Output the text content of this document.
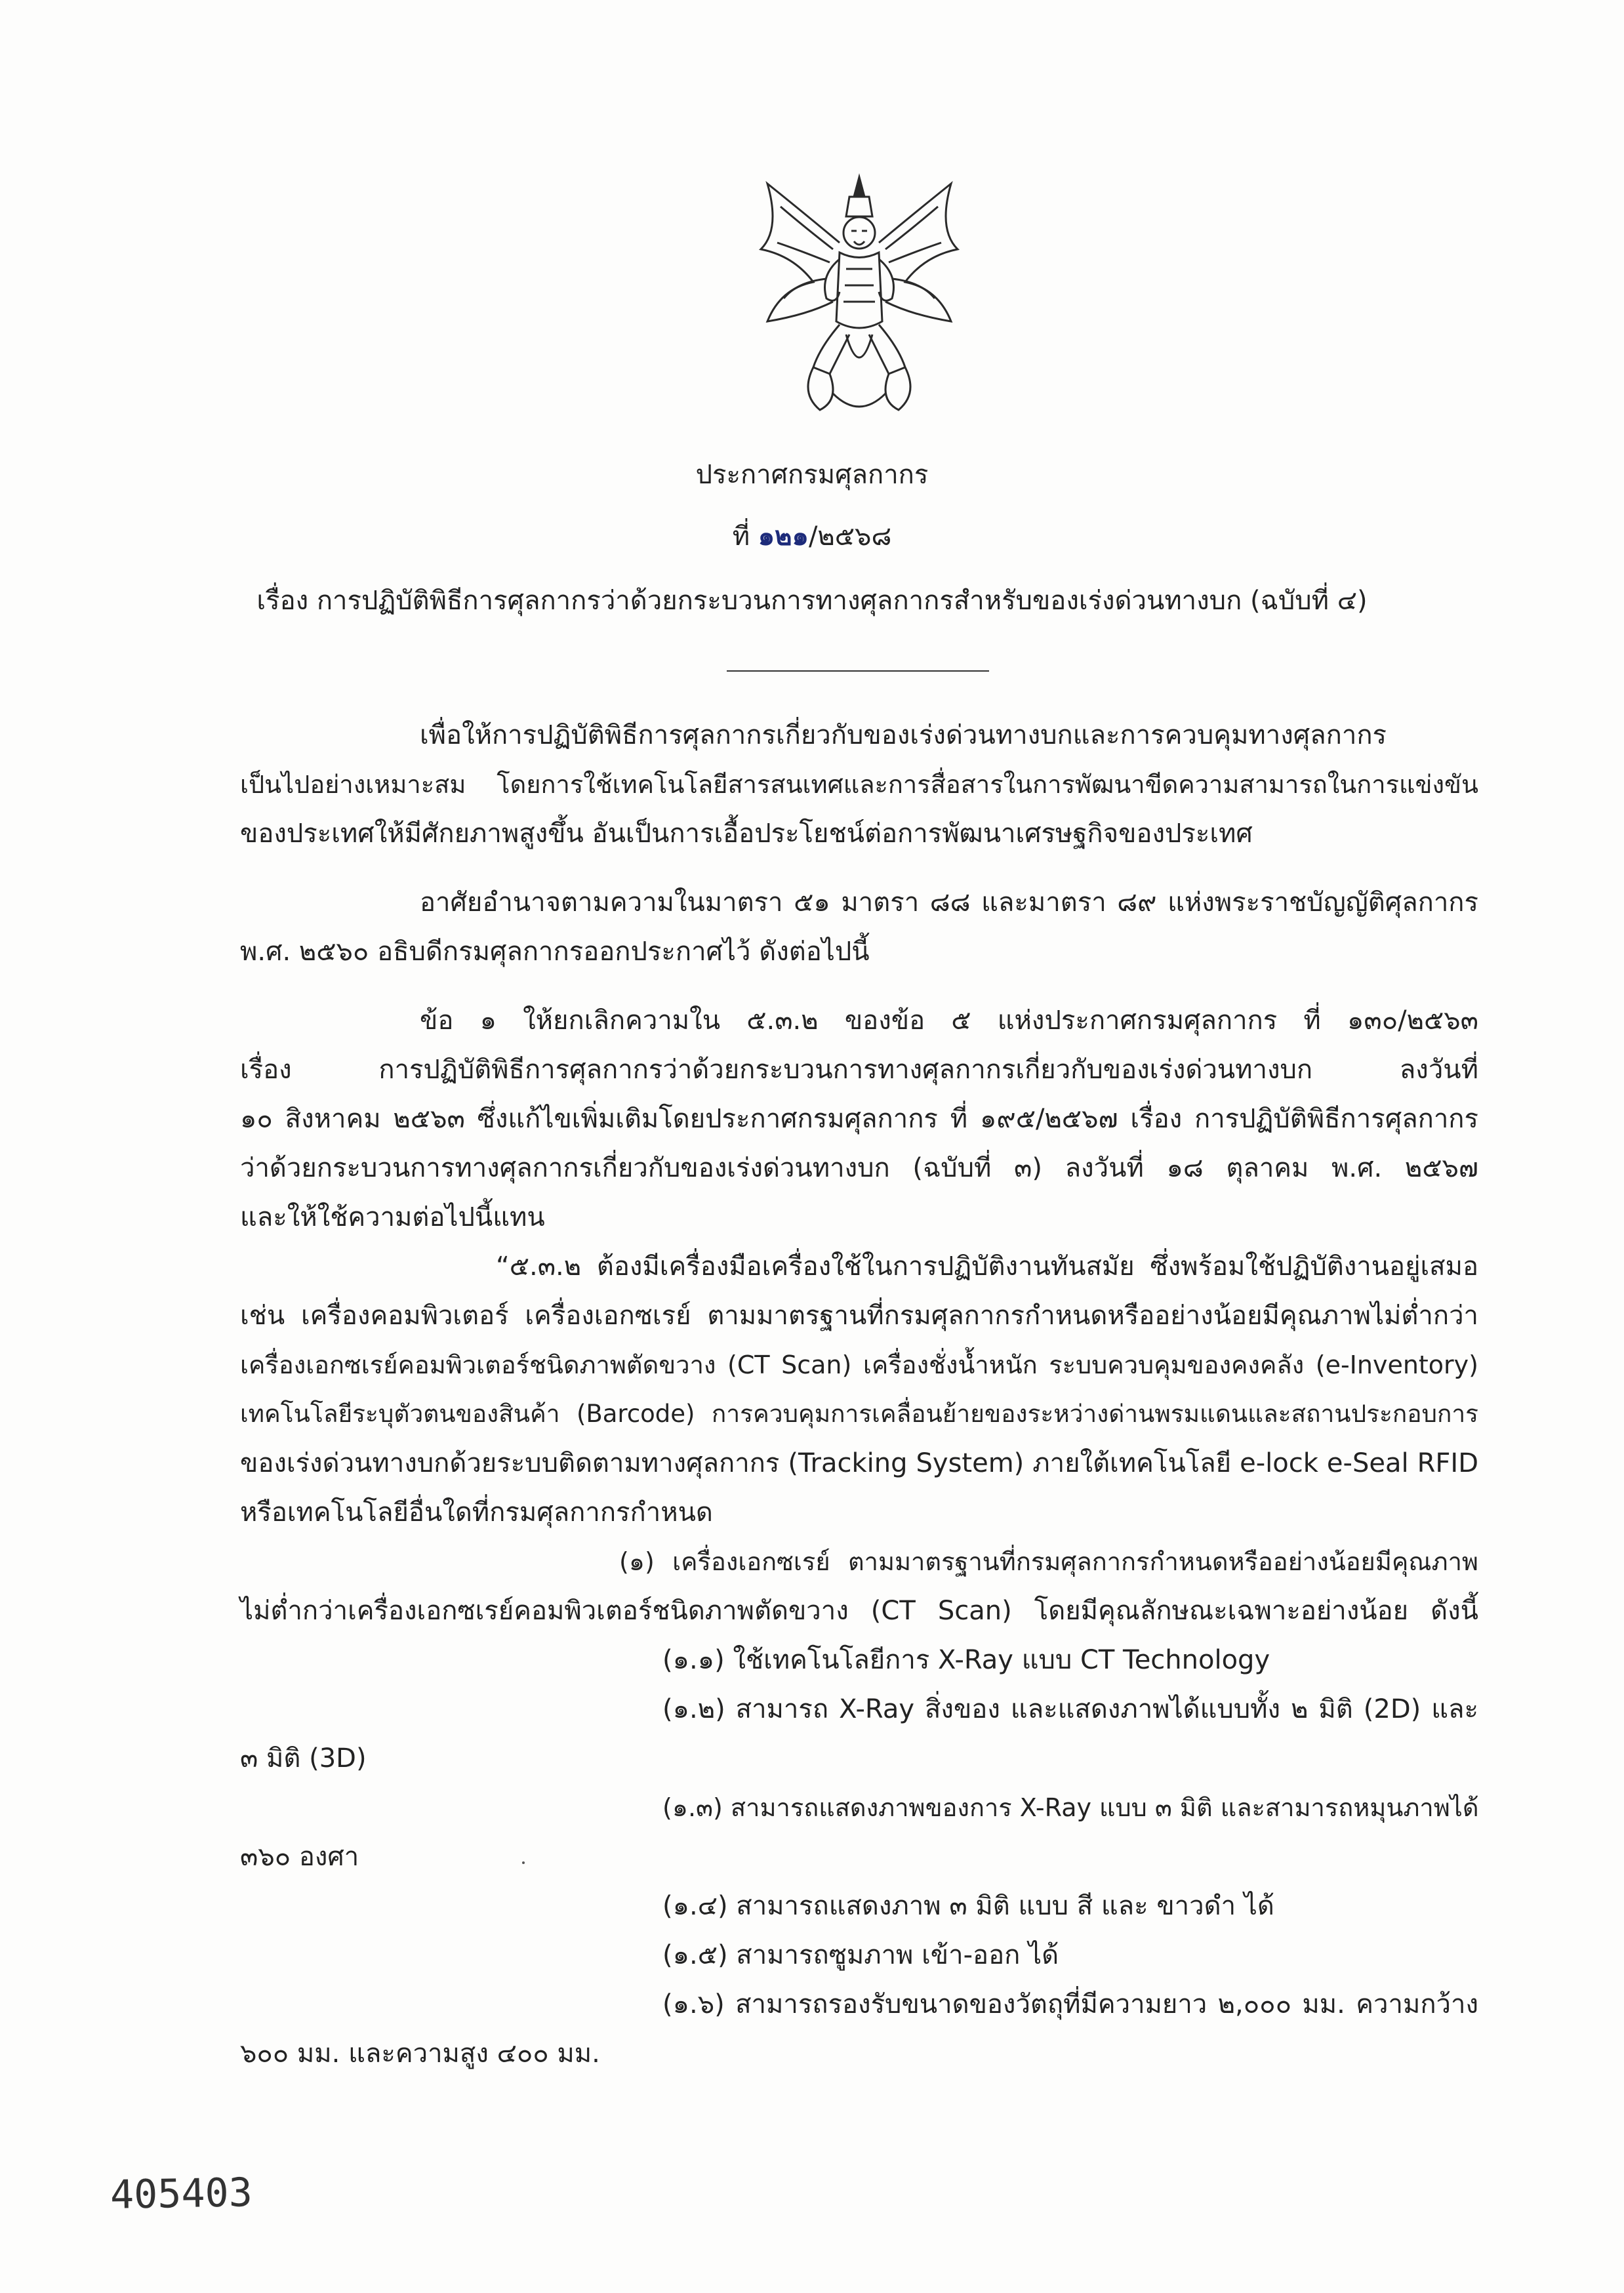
ประกาศกรมศุลกากร
ที่ ๑๒๑/๒๕๖๘
เรื่อง การปฏิบัติพิธีการศุลกากรว่าด้วยกระบวนการทางศุลกากรสำหรับของเร่งด่วนทางบก (ฉบับที่ ๔)
เพื่อให้การปฏิบัติพิธีการศุลกากรเกี่ยวกับของเร่งด่วนทางบกและการควบคุมทางศุลกากร
เป็นไปอย่างเหมาะสม โดยการใช้เทคโนโลยีสารสนเทศและการสื่อสารในการพัฒนาขีดความสามารถในการแข่งขัน
ของประเทศให้มีศักยภาพสูงขึ้น อันเป็นการเอื้อประโยชน์ต่อการพัฒนาเศรษฐกิจของประเทศ
อาศัยอำนาจตามความในมาตรา ๕๑ มาตรา ๘๘ และมาตรา ๘๙ แห่งพระราชบัญญัติศุลกากร
พ.ศ. ๒๕๖๐ อธิบดีกรมศุลกากรออกประกาศไว้ ดังต่อไปนี้
ข้อ ๑ ให้ยกเลิกความใน ๕.๓.๒ ของข้อ ๕ แห่งประกาศกรมศุลกากร ที่ ๑๓๐/๒๕๖๓
เรื่อง การปฏิบัติพิธีการศุลกากรว่าด้วยกระบวนการทางศุลกากรเกี่ยวกับของเร่งด่วนทางบก ลงวันที่
๑๐ สิงหาคม ๒๕๖๓ ซึ่งแก้ไขเพิ่มเติมโดยประกาศกรมศุลกากร ที่ ๑๙๕/๒๕๖๗ เรื่อง การปฏิบัติพิธีการศุลกากร
ว่าด้วยกระบวนการทางศุลกากรเกี่ยวกับของเร่งด่วนทางบก (ฉบับที่ ๓) ลงวันที่ ๑๘ ตุลาคม พ.ศ. ๒๕๖๗
และให้ใช้ความต่อไปนี้แทน
“๕.๓.๒ ต้องมีเครื่องมือเครื่องใช้ในการปฏิบัติงานทันสมัย ซึ่งพร้อมใช้ปฏิบัติงานอยู่เสมอ
เช่น เครื่องคอมพิวเตอร์ เครื่องเอกซเรย์ ตามมาตรฐานที่กรมศุลกากรกำหนดหรืออย่างน้อยมีคุณภาพไม่ต่ำกว่า
เครื่องเอกซเรย์คอมพิวเตอร์ชนิดภาพตัดขวาง (CT Scan) เครื่องชั่งน้ำหนัก ระบบควบคุมของคงคลัง (e-Inventory)
เทคโนโลยีระบุตัวตนของสินค้า (Barcode) การควบคุมการเคลื่อนย้ายของระหว่างด่านพรมแดนและสถานประกอบการ
ของเร่งด่วนทางบกด้วยระบบติดตามทางศุลกากร (Tracking System) ภายใต้เทคโนโลยี e-lock e-Seal RFID
หรือเทคโนโลยีอื่นใดที่กรมศุลกากรกำหนด
(๑) เครื่องเอกซเรย์ ตามมาตรฐานที่กรมศุลกากรกำหนดหรืออย่างน้อยมีคุณภาพ
ไม่ต่ำกว่าเครื่องเอกซเรย์คอมพิวเตอร์ชนิดภาพตัดขวาง (CT Scan) โดยมีคุณลักษณะเฉพาะอย่างน้อย ดังนี้
(๑.๑) ใช้เทคโนโลยีการ X-Ray แบบ CT Technology
(๑.๒) สามารถ X-Ray สิ่งของ และแสดงภาพได้แบบทั้ง ๒ มิติ (2D) และ
๓ มิติ (3D)
(๑.๓) สามารถแสดงภาพของการ X-Ray แบบ ๓ มิติ และสามารถหมุนภาพได้
๓๖๐ องศา
(๑.๔) สามารถแสดงภาพ ๓ มิติ แบบ สี และ ขาวดำ ได้
(๑.๕) สามารถซูมภาพ เข้า-ออก ได้
(๑.๖) สามารถรองรับขนาดของวัตถุที่มีความยาว ๒,๐๐๐ มม. ความกว้าง
๖๐๐ มม. และความสูง ๔๐๐ มม.
405403
